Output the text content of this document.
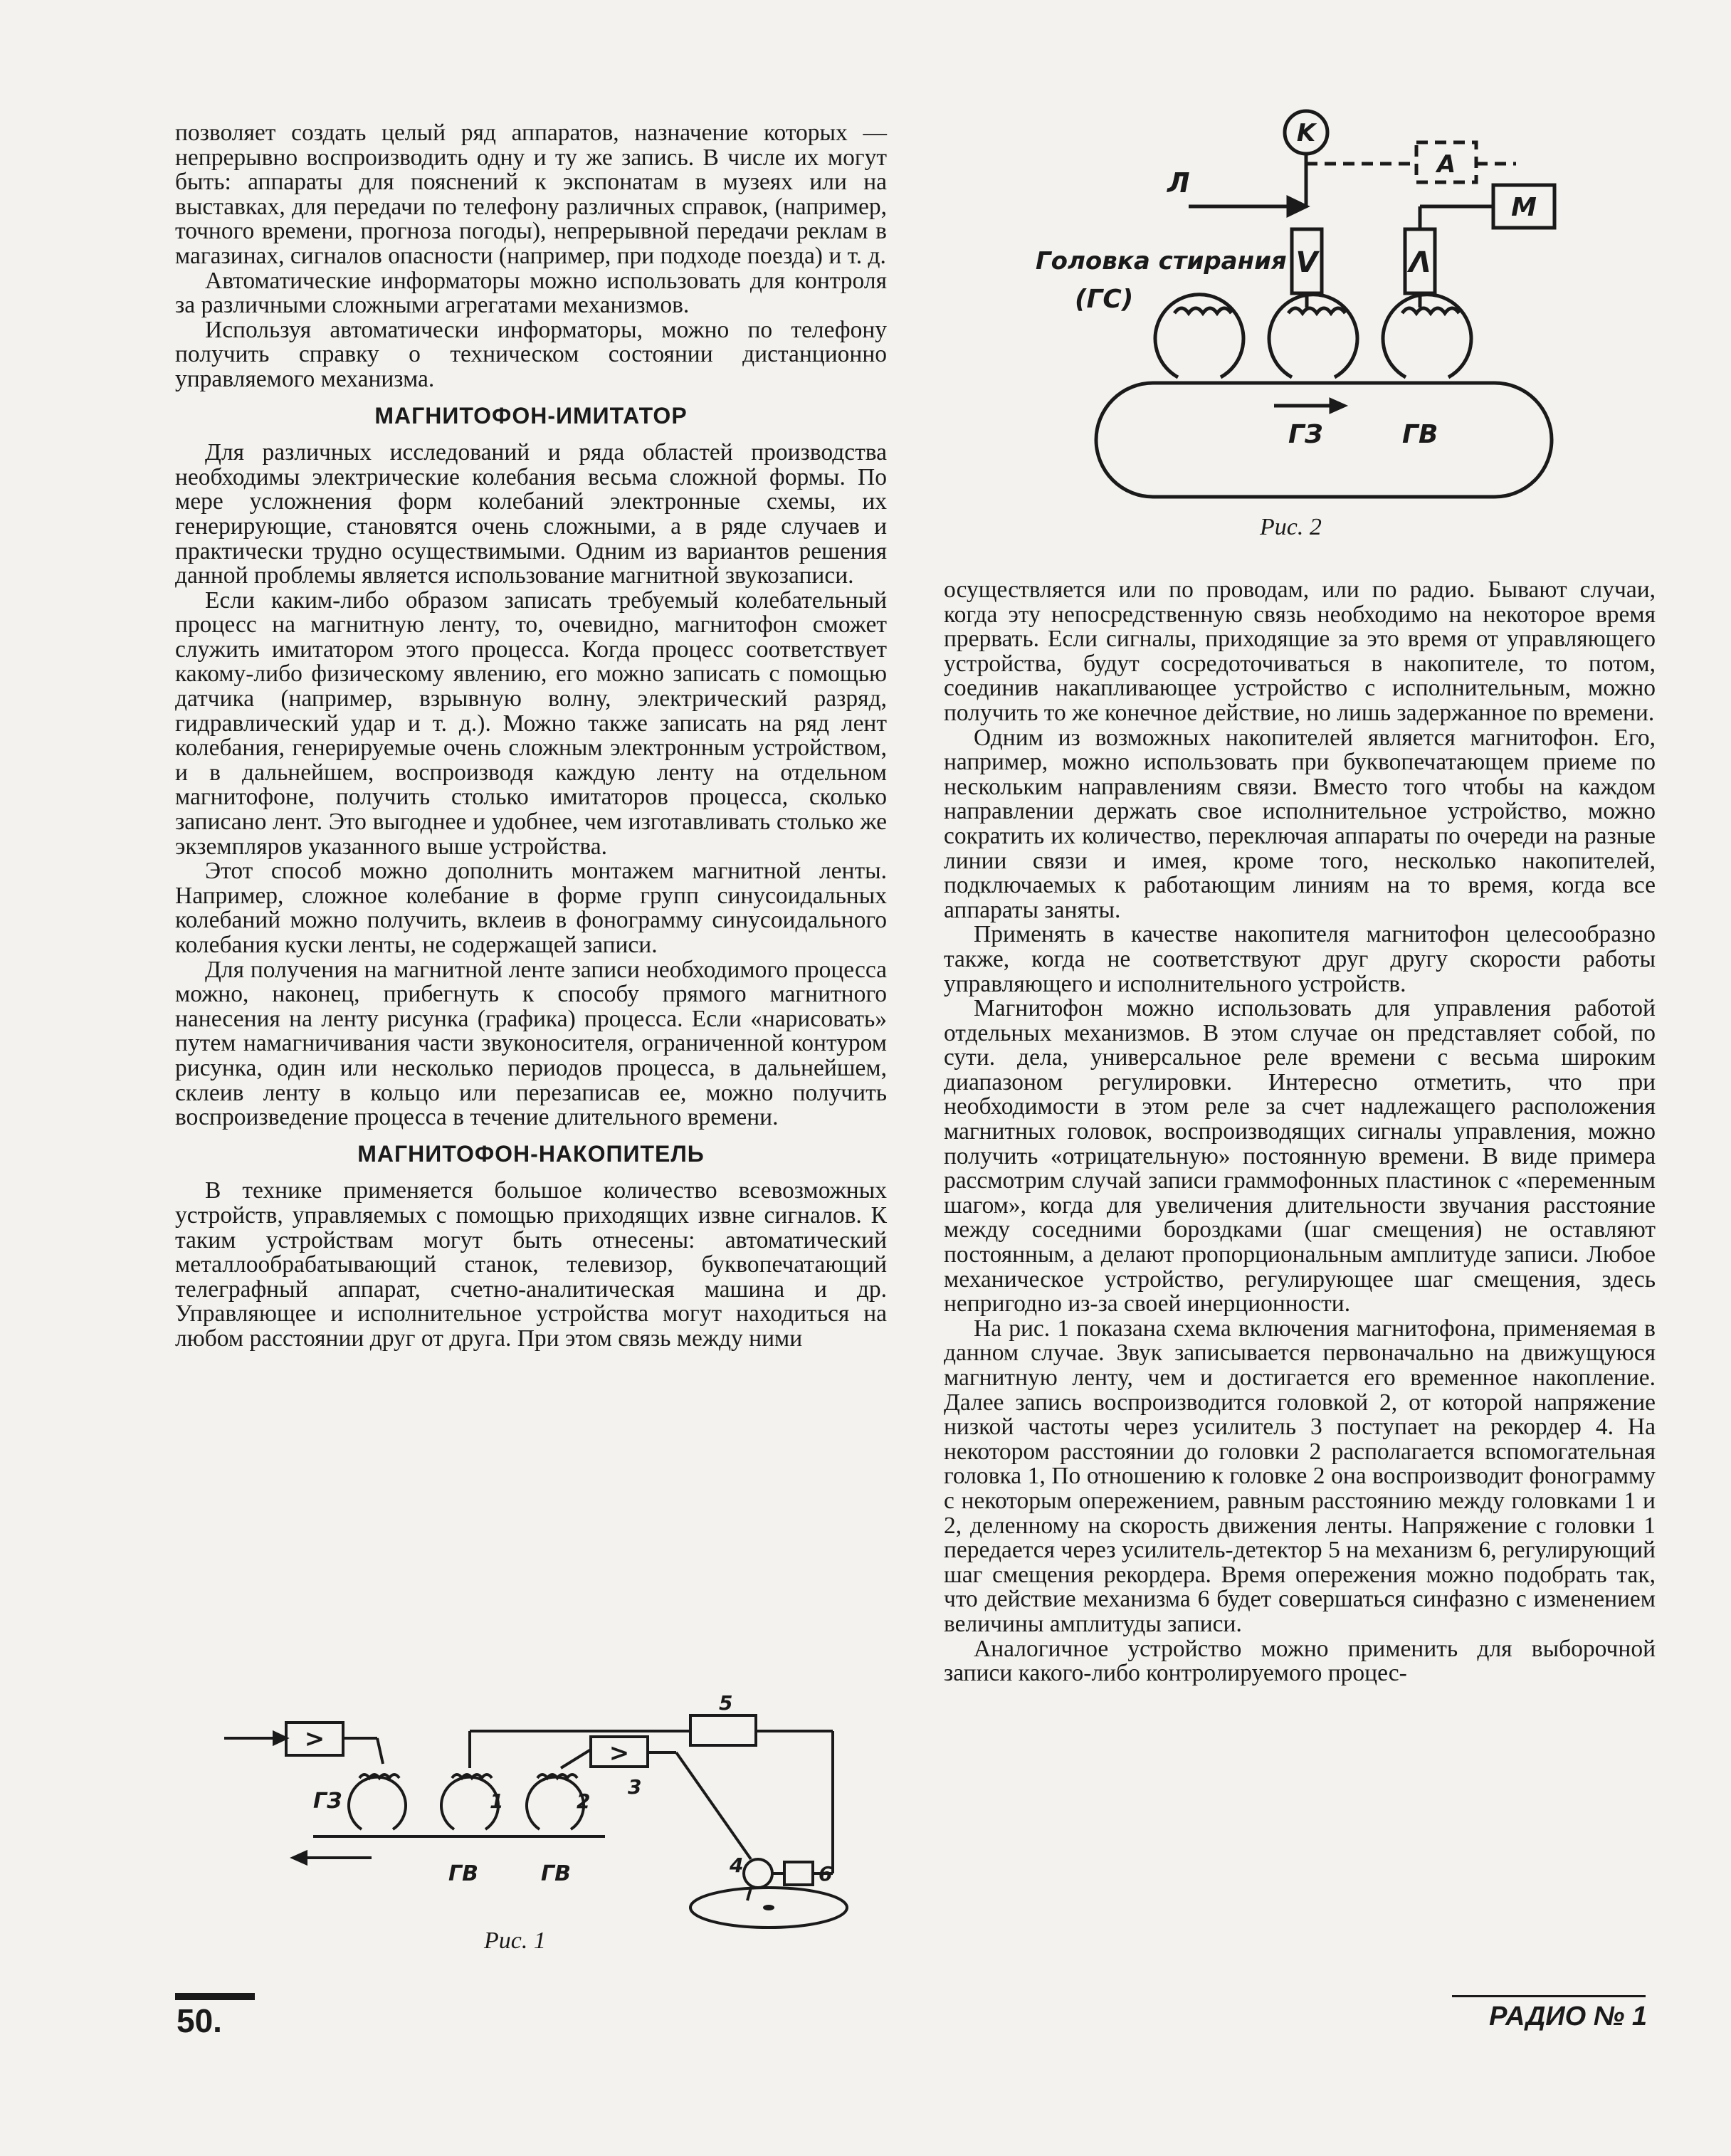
позволяет создать целый ряд аппаратов, назначение которых — непрерывно воспроизводить одну и ту же запись. В числе их могут быть: аппараты для пояснений к экспонатам в музеях или на выставках, для передачи по телефону различных справок, (например, точного времени, прогноза погоды), непрерывной передачи реклам в магазинах, сигналов опасности (например, при подходе поезда) и т. д.

Автоматические информаторы можно использовать для контроля за различными сложными агрегатами механизмов.

Используя автоматически информаторы, можно по телефону получить справку о техническом состоянии дистанционно управляемого механизма.

МАГНИТОФОН-ИМИТАТОР

Для различных исследований и ряда областей производства необходимы электрические колебания весьма сложной формы. По мере усложнения форм колебаний электронные схемы, их генерирующие, становятся очень сложными, а в ряде случаев и практически трудно осуществимыми. Одним из вариантов решения данной проблемы является использование магнитной звукозаписи.

Если каким-либо образом записать требуемый колебательный процесс на магнитную ленту, то, очевидно, магнитофон сможет служить имитатором этого процесса. Когда процесс соответствует какому-либо физическому явлению, его можно записать с помощью датчика (например, взрывную волну, электрический разряд, гидравлический удар и т. д.). Можно также записать на ряд лент колебания, генерируемые очень сложным электронным устройством, и в дальнейшем, воспроизводя каждую ленту на отдельном магнитофоне, получить столько имитаторов процесса, сколько записано лент. Это выгоднее и удобнее, чем изготавливать столько же экземпляров указанного выше устройства.

Этот способ можно дополнить монтажем магнитной ленты. Например, сложное колебание в форме групп синусоидальных колебаний можно получить, вклеив в фонограмму синусоидального колебания куски ленты, не содержащей записи.

Для получения на магнитной ленте записи необходимого процесса можно, наконец, прибегнуть к способу прямого магнитного нанесения на ленту рисунка (графика) процесса. Если «нарисовать» путем намагничивания части звуконосителя, ограниченной контуром рисунка, один или несколько периодов процесса, в дальнейшем, склеив ленту в кольцо или перезаписав ее, можно получить воспроизведение процесса в течение длительного времени.

МАГНИТОФОН-НАКОПИТЕЛЬ

В технике применяется большое количество всевозможных устройств, управляемых с помощью приходящих извне сигналов. К таким устройствам могут быть отнесены: автоматический металлообрабатывающий станок, телевизор, буквопечатающий телеграфный аппарат, счетно-аналитическая машина и др. Управляющее и исполнительное устройства могут находиться на любом расстоянии друг от друга. При этом связь между ними

осуществляется или по проводам, или по радио. Бывают случаи, когда эту непосредственную связь необходимо на некоторое время прервать. Если сигналы, приходящие за это время от управляющего устройства, будут сосредоточиваться в накопителе, то потом, соединив накапливающее устройство с исполнительным, можно получить то же конечное действие, но лишь задержанное по времени.

Одним из возможных накопителей является магнитофон. Его, например, можно использовать при буквопечатающем приеме по нескольким направлениям связи. Вместо того чтобы на каждом направлении держать свое исполнительное устройство, можно сократить их количество, переключая аппараты по очереди на разные линии связи и имея, кроме того, несколько накопителей, подключаемых к работающим линиям на то время, когда все аппараты заняты.

Применять в качестве накопителя магнитофон целесообразно также, когда не соответствуют друг другу скорости работы управляющего и исполнительного устройств.

Магнитофон можно использовать для управления работой отдельных механизмов. В этом случае он представляет собой, по сути. дела, универсальное реле времени с весьма широким диапазоном регулировки. Интересно отметить, что при необходимости в этом реле за счет надлежащего расположения магнитных головок, воспроизводящих сигналы управления, можно получить «отрицательную» постоянную времени. В виде примера рассмотрим случай записи граммофонных пластинок с «переменным шагом», когда для увеличения длительности звучания расстояние между соседними бороздками (шаг смещения) не оставляют постоянным, а делают пропорциональным амплитуде записи. Любое механическое устройство, регулирующее шаг смещения, здесь непригодно из-за своей инерционности.

На рис. 1 показана схема включения магнитофона, применяемая в данном случае. Звук записывается первоначально на движущуюся магнитную ленту, чем и достигается его временное накопление. Далее запись воспроизводится головкой 2, от которой напряжение низкой частоты через усилитель 3 поступает на рекордер 4. На некотором расстоянии до головки 2 располагается вспомогательная головка 1, По отношению к головке 2 она воспроизводит фонограмму с некоторым опережением, равным расстоянию между головками 1 и 2, деленному на скорость движения ленты. Напряжение с головки 1 передается через усилитель-детектор 5 на механизм 6, регулирующий шаг смещения рекордера. Время опережения можно подобрать так, что действие механизма 6 будет совершаться синфазно с изменением величины амплитуды записи.

Аналогичное устройство можно применить для выборочной записи какого-либо контролируемого процес-

K
A
M
Л
V	Λ
Головка стирания
(ГС)
ГЗ	ГВ
Рис. 2
>	>
ГЗ
ГВ	ГВ
1	2
3
4
5
6
Рис. 1
50.	РАДИО № 1
